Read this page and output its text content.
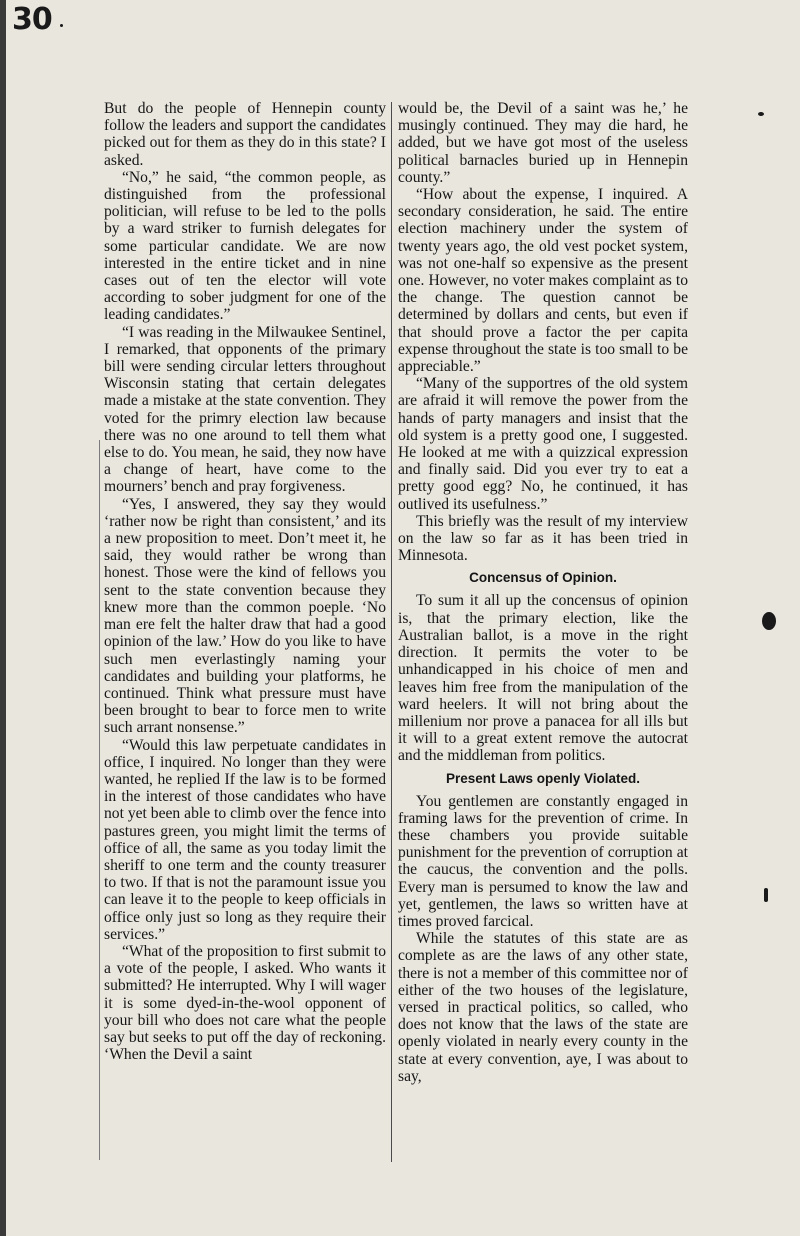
30

But do the people of Hennepin county follow the leaders and support the candidates picked out for them as they do in this state? I asked.

“No,” he said, “the common people, as distinguished from the professional politician, will refuse to be led to the polls by a ward striker to furnish delegates for some particular candidate. We are now interested in the entire ticket and in nine cases out of ten the elector will vote according to sober judgment for one of the leading candidates.”

“I was reading in the Milwaukee Sentinel, I remarked, that opponents of the primary bill were sending circular letters throughout Wisconsin stating that certain delegates made a mistake at the state convention. They voted for the primry election law because there was no one around to tell them what else to do. You mean, he said, they now have a change of heart, have come to the mourners’ bench and pray forgiveness.

“Yes, I answered, they say they would ‘rather now be right than consistent,’ and its a new proposition to meet. Don’t meet it, he said, they would rather be wrong than honest. Those were the kind of fellows you sent to the state convention because they knew more than the common poeple. ‘No man ere felt the halter draw that had a good opinion of the law.’ How do you like to have such men everlastingly naming your candidates and building your platforms, he continued. Think what pressure must have been brought to bear to force men to write such arrant nonsense.”

“Would this law perpetuate candidates in office, I inquired. No longer than they were wanted, he replied If the law is to be formed in the interest of those candidates who have not yet been able to climb over the fence into pastures green, you might limit the terms of office of all, the same as you today limit the sheriff to one term and the county treasurer to two. If that is not the paramount issue you can leave it to the people to keep officials in office only just so long as they require their services.”

“What of the proposition to first submit to a vote of the people, I asked. Who wants it submitted? He interrupted. Why I will wager it is some dyed-in-the-wool opponent of your bill who does not care what the people say but seeks to put off the day of reckoning. ‘When the Devil a saint

would be, the Devil of a saint was he,’ he musingly continued. They may die hard, he added, but we have got most of the useless political barnacles buried up in Hennepin county.”

“How about the expense, I inquired. A secondary consideration, he said. The entire election machinery under the system of twenty years ago, the old vest pocket system, was not one-half so expensive as the present one. However, no voter makes complaint as to the change. The question cannot be determined by dollars and cents, but even if that should prove a factor the per capita expense throughout the state is too small to be appreciable.”

“Many of the supportres of the old system are afraid it will remove the power from the hands of party managers and insist that the old system is a pretty good one, I suggested. He looked at me with a quizzical expression and finally said. Did you ever try to eat a pretty good egg? No, he continued, it has outlived its usefulness.”

This briefly was the result of my interview on the law so far as it has been tried in Minnesota.

Concensus of Opinion.

To sum it all up the concensus of opinion is, that the primary election, like the Australian ballot, is a move in the right direction. It permits the voter to be unhandicapped in his choice of men and leaves him free from the manipulation of the ward heelers. It will not bring about the millenium nor prove a panacea for all ills but it will to a great extent remove the autocrat and the middleman from politics.

Present Laws openly Violated.

You gentlemen are constantly engaged in framing laws for the prevention of crime. In these chambers you provide suitable punishment for the prevention of corruption at the caucus, the convention and the polls. Every man is persumed to know the law and yet, gentlemen, the laws so written have at times proved farcical.

While the statutes of this state are as complete as are the laws of any other state, there is not a member of this committee nor of either of the two houses of the legislature, versed in practical politics, so called, who does not know that the laws of the state are openly violated in nearly every county in the state at every convention, aye, I was about to say,
